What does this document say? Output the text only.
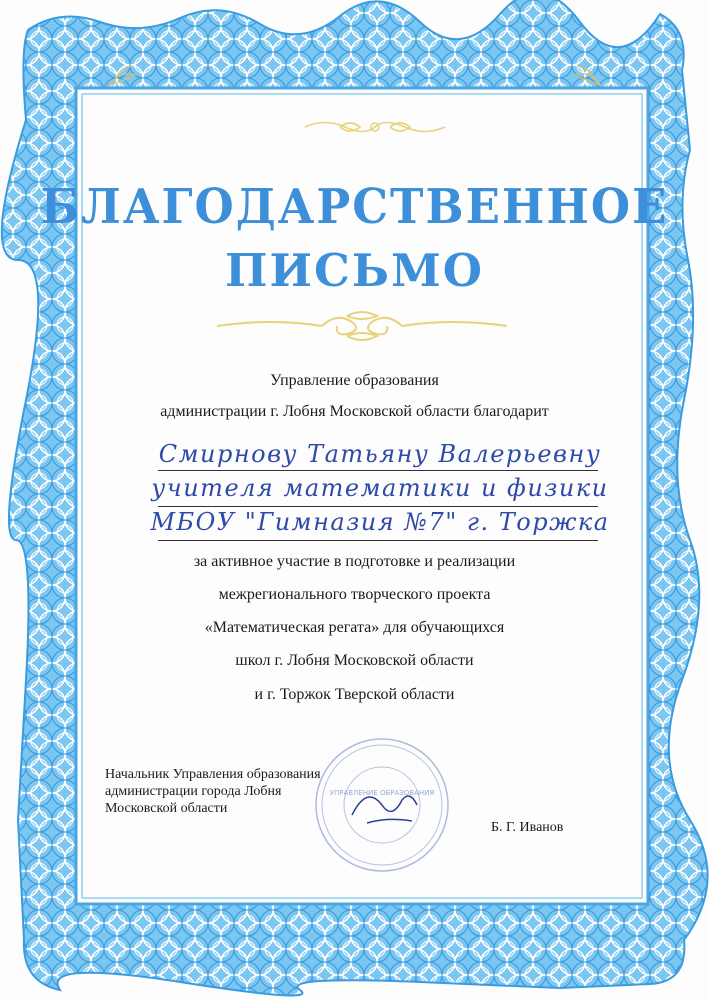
БЛАГОДАРСТВЕННОЕ
ПИСЬМО
Управление образования
администрации г. Лобня Московской области благодарит
Смирнову Татьяну Валерьевну
учителя математики и физики
МБОУ "Гимназия №7" г. Торжка
за активное участие в подготовке и реализации
межрегионального творческого проекта
«Математическая регата» для обучающихся
школ г. Лобня Московской области
и г. Торжок Тверской области
Начальник Управления образования
администрации города Лобня
Московской области
УПРАВЛЕНИЕ ОБРАЗОВАНИЯ
Б. Г. Иванов
